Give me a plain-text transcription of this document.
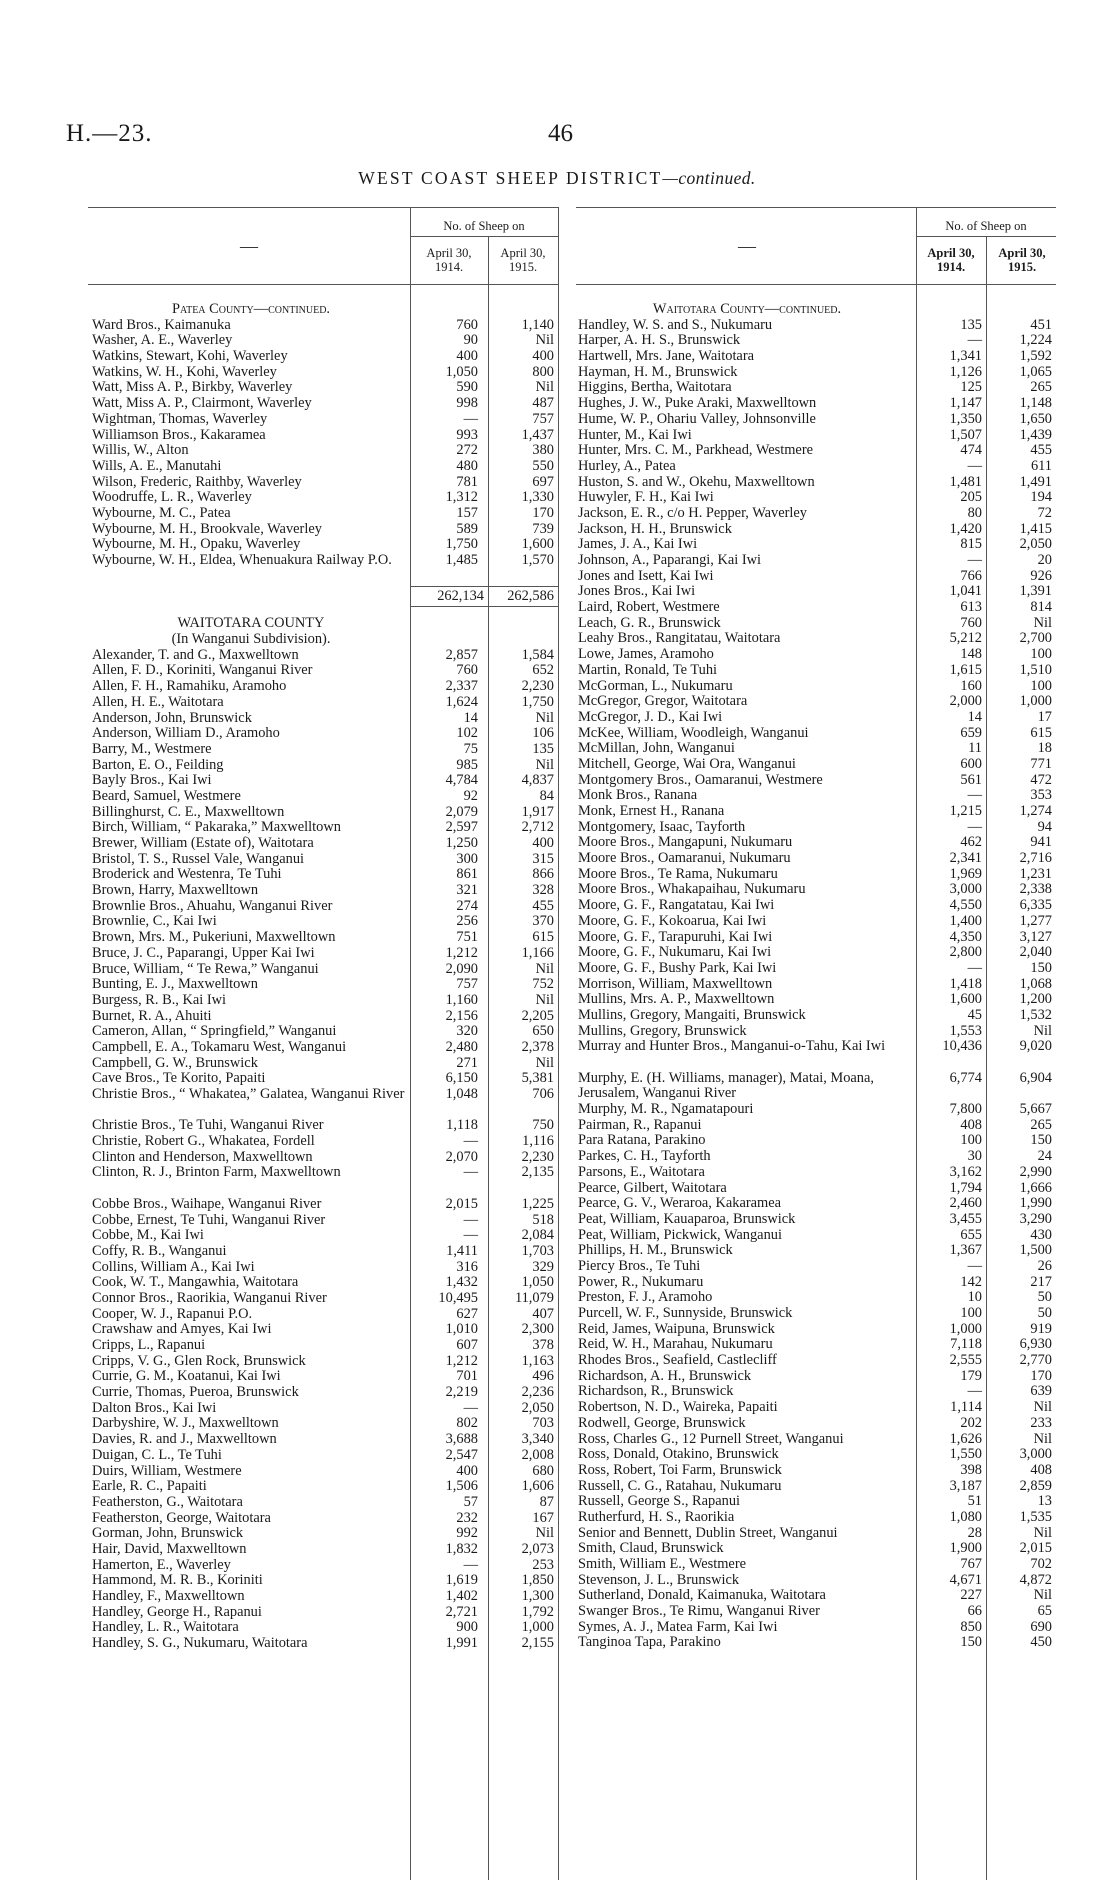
H.—23.	46
WEST COAST SHEEP DISTRICT—continued.
—
No. of Sheep on
April 30,
1914.
April 30,
1915.
—
No. of Sheep on
April 30,
1914.
April 30,
1915.
Patea County—continued.
Ward Bros., Kaimanuka	760	1,140
Washer, A. E., Waverley	90	Nil
Watkins, Stewart, Kohi, Waverley	400	400
Watkins, W. H., Kohi, Waverley	1,050	800
Watt, Miss A. P., Birkby, Waverley	590	Nil
Watt, Miss A. P., Clairmont, Waverley	998	487
Wightman, Thomas, Waverley	—	757
Williamson Bros., Kakaramea	993	1,437
Willis, W., Alton	272	380
Wills, A. E., Manutahi	480	550
Wilson, Frederic, Raithby, Waverley	781	697
Woodruffe, L. R., Waverley	1,312	1,330
Wybourne, M. C., Patea	157	170
Wybourne, M. H., Brookvale, Waverley	589	739
Wybourne, M. H., Opaku, Waverley	1,750	1,600
Wybourne, W. H., Eldea, Whenuakura Railway P.O.	1,485	1,570
262,134	262,586
WAITOTARA COUNTY
(In Wanganui Subdivision).
Alexander, T. and G., Maxwelltown	2,857	1,584
Allen, F. D., Koriniti, Wanganui River	760	652
Allen, F. H., Ramahiku, Aramoho	2,337	2,230
Allen, H. E., Waitotara	1,624	1,750
Anderson, John, Brunswick	14	Nil
Anderson, William D., Aramoho	102	106
Barry, M., Westmere	75	135
Barton, E. O., Feilding	985	Nil
Bayly Bros., Kai Iwi	4,784	4,837
Beard, Samuel, Westmere	92	84
Billinghurst, C. E., Maxwelltown	2,079	1,917
Birch, William, “ Pakaraka,” Maxwelltown	2,597	2,712
Brewer, William (Estate of), Waitotara	1,250	400
Bristol, T. S., Russel Vale, Wanganui	300	315
Broderick and Westenra, Te Tuhi	861	866
Brown, Harry, Maxwelltown	321	328
Brownlie Bros., Ahuahu, Wanganui River	274	455
Brownlie, C., Kai Iwi	256	370
Brown, Mrs. M., Pukeriuni, Maxwelltown	751	615
Bruce, J. C., Paparangi, Upper Kai Iwi	1,212	1,166
Bruce, William, “ Te Rewa,” Wanganui	2,090	Nil
Bunting, E. J., Maxwelltown	757	752
Burgess, R. B., Kai Iwi	1,160	Nil
Burnet, R. A., Ahuiti	2,156	2,205
Cameron, Allan, “ Springfield,” Wanganui	320	650
Campbell, E. A., Tokamaru West, Wanganui	2,480	2,378
Campbell, G. W., Brunswick	271	Nil
Cave Bros., Te Korito, Papaiti	6,150	5,381
Christie Bros., “ Whakatea,” Galatea, Wanganui River	1,048	706
Christie Bros., Te Tuhi, Wanganui River	1,118	750
Christie, Robert G., Whakatea, Fordell	—	1,116
Clinton and Henderson, Maxwelltown	2,070	2,230
Clinton, R. J., Brinton Farm, Maxwelltown	—	2,135
Cobbe Bros., Waihape, Wanganui River	2,015	1,225
Cobbe, Ernest, Te Tuhi, Wanganui River	—	518
Cobbe, M., Kai Iwi	—	2,084
Coffy, R. B., Wanganui	1,411	1,703
Collins, William A., Kai Iwi	316	329
Cook, W. T., Mangawhia, Waitotara	1,432	1,050
Connor Bros., Raorikia, Wanganui River	10,495	11,079
Cooper, W. J., Rapanui P.O.	627	407
Crawshaw and Amyes, Kai Iwi	1,010	2,300
Cripps, L., Rapanui	607	378
Cripps, V. G., Glen Rock, Brunswick	1,212	1,163
Currie, G. M., Koatanui, Kai Iwi	701	496
Currie, Thomas, Pueroa, Brunswick	2,219	2,236
Dalton Bros., Kai Iwi	—	2,050
Darbyshire, W. J., Maxwelltown	802	703
Davies, R. and J., Maxwelltown	3,688	3,340
Duigan, C. L., Te Tuhi	2,547	2,008
Duirs, William, Westmere	400	680
Earle, R. C., Papaiti	1,506	1,606
Featherston, G., Waitotara	57	87
Featherston, George, Waitotara	232	167
Gorman, John, Brunswick	992	Nil
Hair, David, Maxwelltown	1,832	2,073
Hamerton, E., Waverley	—	253
Hammond, M. R. B., Koriniti	1,619	1,850
Handley, F., Maxwelltown	1,402	1,300
Handley, George H., Rapanui	2,721	1,792
Handley, L. R., Waitotara	900	1,000
Handley, S. G., Nukumaru, Waitotara	1,991	2,155
Waitotara County—continued.
Handley, W. S. and S., Nukumaru	135	451
Harper, A. H. S., Brunswick	—	1,224
Hartwell, Mrs. Jane, Waitotara	1,341	1,592
Hayman, H. M., Brunswick	1,126	1,065
Higgins, Bertha, Waitotara	125	265
Hughes, J. W., Puke Araki, Maxwelltown	1,147	1,148
Hume, W. P., Ohariu Valley, Johnsonville	1,350	1,650
Hunter, M., Kai Iwi	1,507	1,439
Hunter, Mrs. C. M., Parkhead, Westmere	474	455
Hurley, A., Patea	—	611
Huston, S. and W., Okehu, Maxwelltown	1,481	1,491
Huwyler, F. H., Kai Iwi	205	194
Jackson, E. R., c/o H. Pepper, Waverley	80	72
Jackson, H. H., Brunswick	1,420	1,415
James, J. A., Kai Iwi	815	2,050
Johnson, A., Paparangi, Kai Iwi	—	20
Jones and Isett, Kai Iwi	766	926
Jones Bros., Kai Iwi	1,041	1,391
Laird, Robert, Westmere	613	814
Leach, G. R., Brunswick	760	Nil
Leahy Bros., Rangitatau, Waitotara	5,212	2,700
Lowe, James, Aramoho	148	100
Martin, Ronald, Te Tuhi	1,615	1,510
McGorman, L., Nukumaru	160	100
McGregor, Gregor, Waitotara	2,000	1,000
McGregor, J. D., Kai Iwi	14	17
McKee, William, Woodleigh, Wanganui	659	615
McMillan, John, Wanganui	11	18
Mitchell, George, Wai Ora, Wanganui	600	771
Montgomery Bros., Oamaranui, Westmere	561	472
Monk Bros., Ranana	—	353
Monk, Ernest H., Ranana	1,215	1,274
Montgomery, Isaac, Tayforth	—	94
Moore Bros., Mangapuni, Nukumaru	462	941
Moore Bros., Oamaranui, Nukumaru	2,341	2,716
Moore Bros., Te Rama, Nukumaru	1,969	1,231
Moore Bros., Whakapaihau, Nukumaru	3,000	2,338
Moore, G. F., Rangatatau, Kai Iwi	4,550	6,335
Moore, G. F., Kokoarua, Kai Iwi	1,400	1,277
Moore, G. F., Tarapuruhi, Kai Iwi	4,350	3,127
Moore, G. F., Nukumaru, Kai Iwi	2,800	2,040
Moore, G. F., Bushy Park, Kai Iwi	—	150
Morrison, William, Maxwelltown	1,418	1,068
Mullins, Mrs. A. P., Maxwelltown	1,600	1,200
Mullins, Gregory, Mangaiti, Brunswick	45	1,532
Mullins, Gregory, Brunswick	1,553	Nil
Murray and Hunter Bros., Manganui-o-Tahu, Kai Iwi	10,436	9,020
Murphy, E. (H. Williams, manager), Matai, Moana, Jerusalem, Wanganui River
6,774	6,904
Murphy, M. R., Ngamatapouri	7,800	5,667
Pairman, R., Rapanui	408	265
Para Ratana, Parakino	100	150
Parkes, C. H., Tayforth	30	24
Parsons, E., Waitotara	3,162	2,990
Pearce, Gilbert, Waitotara	1,794	1,666
Pearce, G. V., Weraroa, Kakaramea	2,460	1,990
Peat, William, Kauaparoa, Brunswick	3,455	3,290
Peat, William, Pickwick, Wanganui	655	430
Phillips, H. M., Brunswick	1,367	1,500
Piercy Bros., Te Tuhi	—	26
Power, R., Nukumaru	142	217
Preston, F. J., Aramoho	10	50
Purcell, W. F., Sunnyside, Brunswick	100	50
Reid, James, Waipuna, Brunswick	1,000	919
Reid, W. H., Marahau, Nukumaru	7,118	6,930
Rhodes Bros., Seafield, Castlecliff	2,555	2,770
Richardson, A. H., Brunswick	179	170
Richardson, R., Brunswick	—	639
Robertson, N. D., Waireka, Papaiti	1,114	Nil
Rodwell, George, Brunswick	202	233
Ross, Charles G., 12 Purnell Street, Wanganui	1,626	Nil
Ross, Donald, Otakino, Brunswick	1,550	3,000
Ross, Robert, Toi Farm, Brunswick	398	408
Russell, C. G., Ratahau, Nukumaru	3,187	2,859
Russell, George S., Rapanui	51	13
Rutherfurd, H. S., Raorikia	1,080	1,535
Senior and Bennett, Dublin Street, Wanganui	28	Nil
Smith, Claud, Brunswick	1,900	2,015
Smith, William E., Westmere	767	702
Stevenson, J. L., Brunswick	4,671	4,872
Sutherland, Donald, Kaimanuka, Waitotara	227	Nil
Swanger Bros., Te Rimu, Wanganui River	66	65
Symes, A. J., Matea Farm, Kai Iwi	850	690
Tanginoa Tapa, Parakino	150	450
